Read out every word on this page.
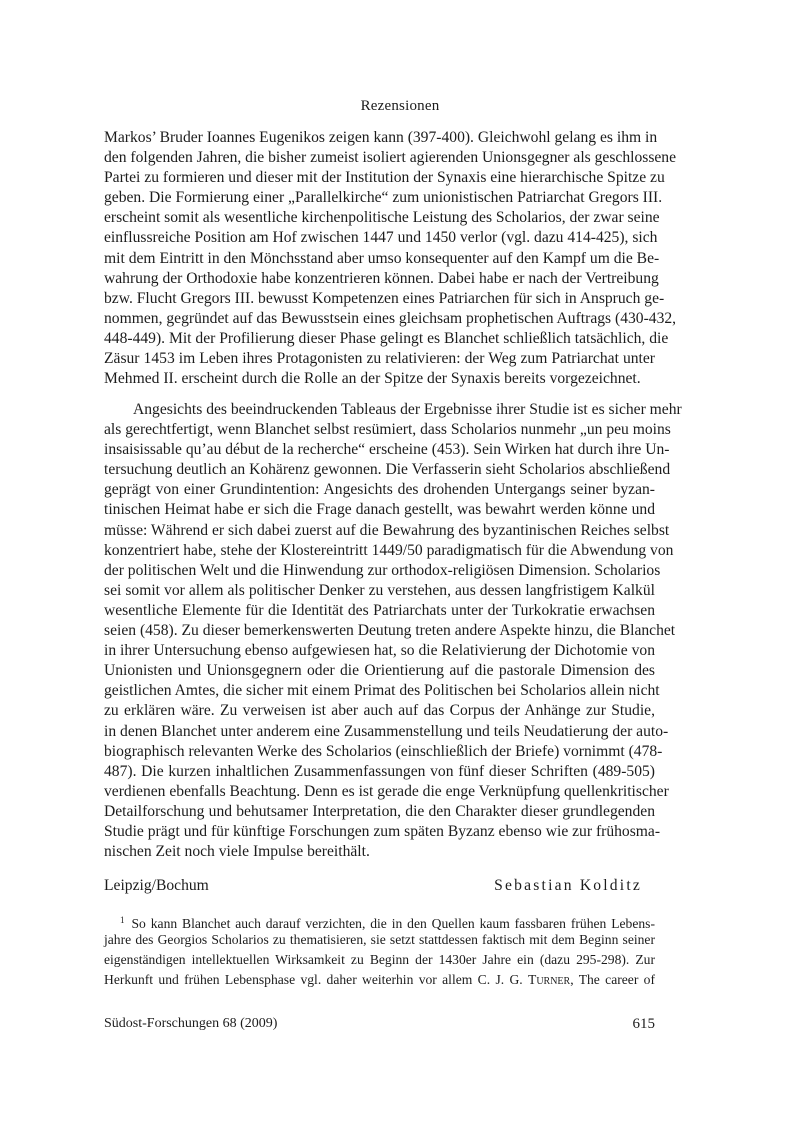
Rezensionen
Markos’ Bruder Ioannes Eugenikos zeigen kann (397-400). Gleichwohl gelang es ihm in
den folgenden Jahren, die bisher zumeist isoliert agierenden Unionsgegner als geschlossene
Partei zu formieren und dieser mit der Institution der Synaxis eine hierarchische Spitze zu
geben. Die Formierung einer „Parallelkirche“ zum unionistischen Patriarchat Gregors III.
erscheint somit als wesentliche kirchenpolitische Leistung des Scholarios, der zwar seine
einflussreiche Position am Hof zwischen 1447 und 1450 verlor (vgl. dazu 414-425), sich
mit dem Eintritt in den Mönchsstand aber umso konsequenter auf den Kampf um die Be-
wahrung der Orthodoxie habe konzentrieren können. Dabei habe er nach der Vertreibung
bzw. Flucht Gregors III. bewusst Kompetenzen eines Patriarchen für sich in Anspruch ge-
nommen, gegründet auf das Bewusstsein eines gleichsam prophetischen Auftrags (430-432,
448-449). Mit der Profilierung dieser Phase gelingt es Blanchet schließlich tatsächlich, die
Zäsur 1453 im Leben ihres Protagonisten zu relativieren: der Weg zum Patriarchat unter
Mehmed II. erscheint durch die Rolle an der Spitze der Synaxis bereits vorgezeichnet.
Angesichts des beeindruckenden Tableaus der Ergebnisse ihrer Studie ist es sicher mehr
als gerechtfertigt, wenn Blanchet selbst resümiert, dass Scholarios nunmehr „un peu moins
insaisissable qu’au début de la recherche“ erscheine (453). Sein Wirken hat durch ihre Un-
tersuchung deutlich an Kohärenz gewonnen. Die Verfasserin sieht Scholarios abschließend
geprägt von einer Grundintention: Angesichts des drohenden Untergangs seiner byzan-
tinischen Heimat habe er sich die Frage danach gestellt, was bewahrt werden könne und
müsse: Während er sich dabei zuerst auf die Bewahrung des byzantinischen Reiches selbst
konzentriert habe, stehe der Klostereintritt 1449/50 paradigmatisch für die Abwendung von
der politischen Welt und die Hinwendung zur orthodox-religiösen Dimension. Scholarios
sei somit vor allem als politischer Denker zu verstehen, aus dessen langfristigem Kalkül
wesentliche Elemente für die Identität des Patriarchats unter der Turkokratie erwachsen
seien (458). Zu dieser bemerkenswerten Deutung treten andere Aspekte hinzu, die Blanchet
in ihrer Untersuchung ebenso aufgewiesen hat, so die Relativierung der Dichotomie von
Unionisten und Unionsgegnern oder die Orientierung auf die pastorale Dimension des
geistlichen Amtes, die sicher mit einem Primat des Politischen bei Scholarios allein nicht
zu erklären wäre. Zu verweisen ist aber auch auf das Corpus der Anhänge zur Studie,
in denen Blanchet unter anderem eine Zusammenstellung und teils Neudatierung der auto-
biographisch relevanten Werke des Scholarios (einschließlich der Briefe) vornimmt (478-
487). Die kurzen inhaltlichen Zusammenfassungen von fünf dieser Schriften (489-505)
verdienen ebenfalls Beachtung. Denn es ist gerade die enge Verknüpfung quellenkritischer
Detailforschung und behutsamer Interpretation, die den Charakter dieser grundlegenden
Studie prägt und für künftige Forschungen zum späten Byzanz ebenso wie zur frühosma-
nischen Zeit noch viele Impulse bereithält.
Leipzig/Bochum	Sebastian Kolditz
$^1$ So kann Blanchet auch darauf verzichten, die in den Quellen kaum fassbaren frühen Lebens-
jahre des Georgios Scholarios zu thematisieren, sie setzt stattdessen faktisch mit dem Beginn seiner
eigenständigen intellektuellen Wirksamkeit zu Beginn der 1430er Jahre ein (dazu 295-298). Zur
Herkunft und frühen Lebensphase vgl. daher weiterhin vor allem C. J. G. Turner, The career of
Südost-Forschungen 68 (2009)	615
